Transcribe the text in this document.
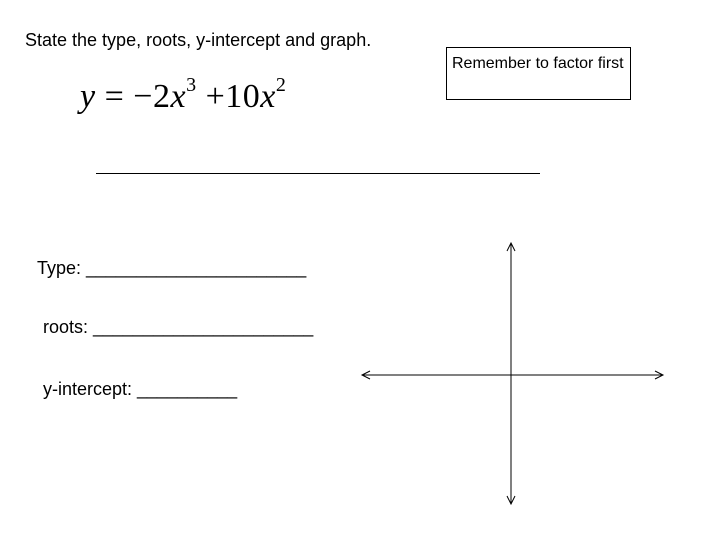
State the type, roots, y-intercept and graph.
$y = -2x^3 +10x^2$
Remember to factor first
Type: ______________________
roots: ______________________
y-intercept: __________
